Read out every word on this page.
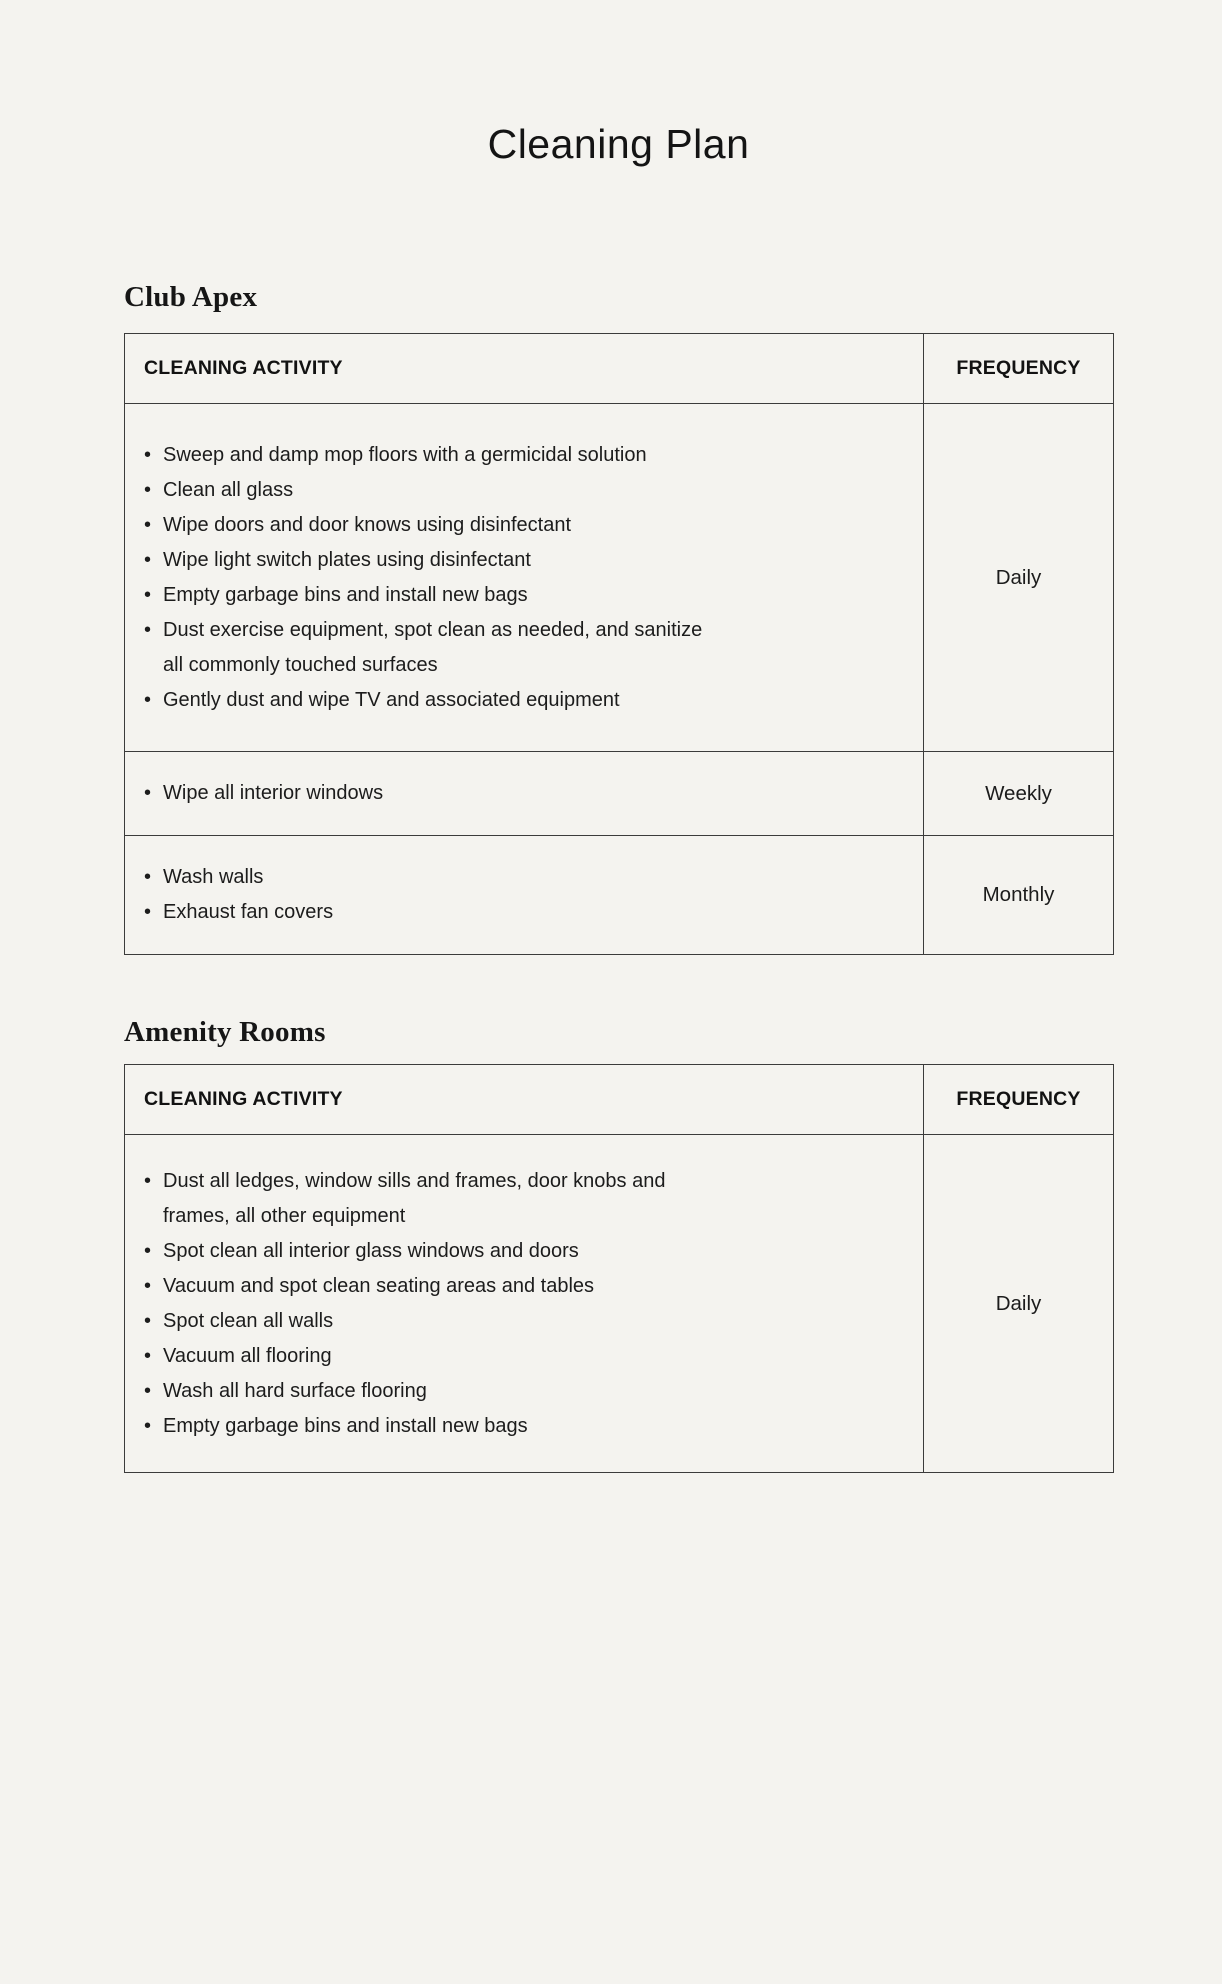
Cleaning Plan
Club Apex
CLEANING ACTIVITY	FREQUENCY

• Sweep and damp mop floors with a germicidal solution
• Clean all glass
• Wipe doors and door knows using disinfectant
• Wipe light switch plates using disinfectant
• Empty garbage bins and install new bags
• Dust exercise equipment, spot clean as needed, and sanitize all commonly touched surfaces
• Gently dust and wipe TV and associated equipment
	Daily

• Wipe all interior windows	Weekly

• Wash walls
• Exhaust fan covers
	Monthly
Amenity Rooms
CLEANING ACTIVITY	FREQUENCY

• Dust all ledges, window sills and frames, door knobs and frames, all other equipment
• Spot clean all interior glass windows and doors
• Vacuum and spot clean seating areas and tables
• Spot clean all walls
• Vacuum all flooring
• Wash all hard surface flooring
• Empty garbage bins and install new bags
	Daily
